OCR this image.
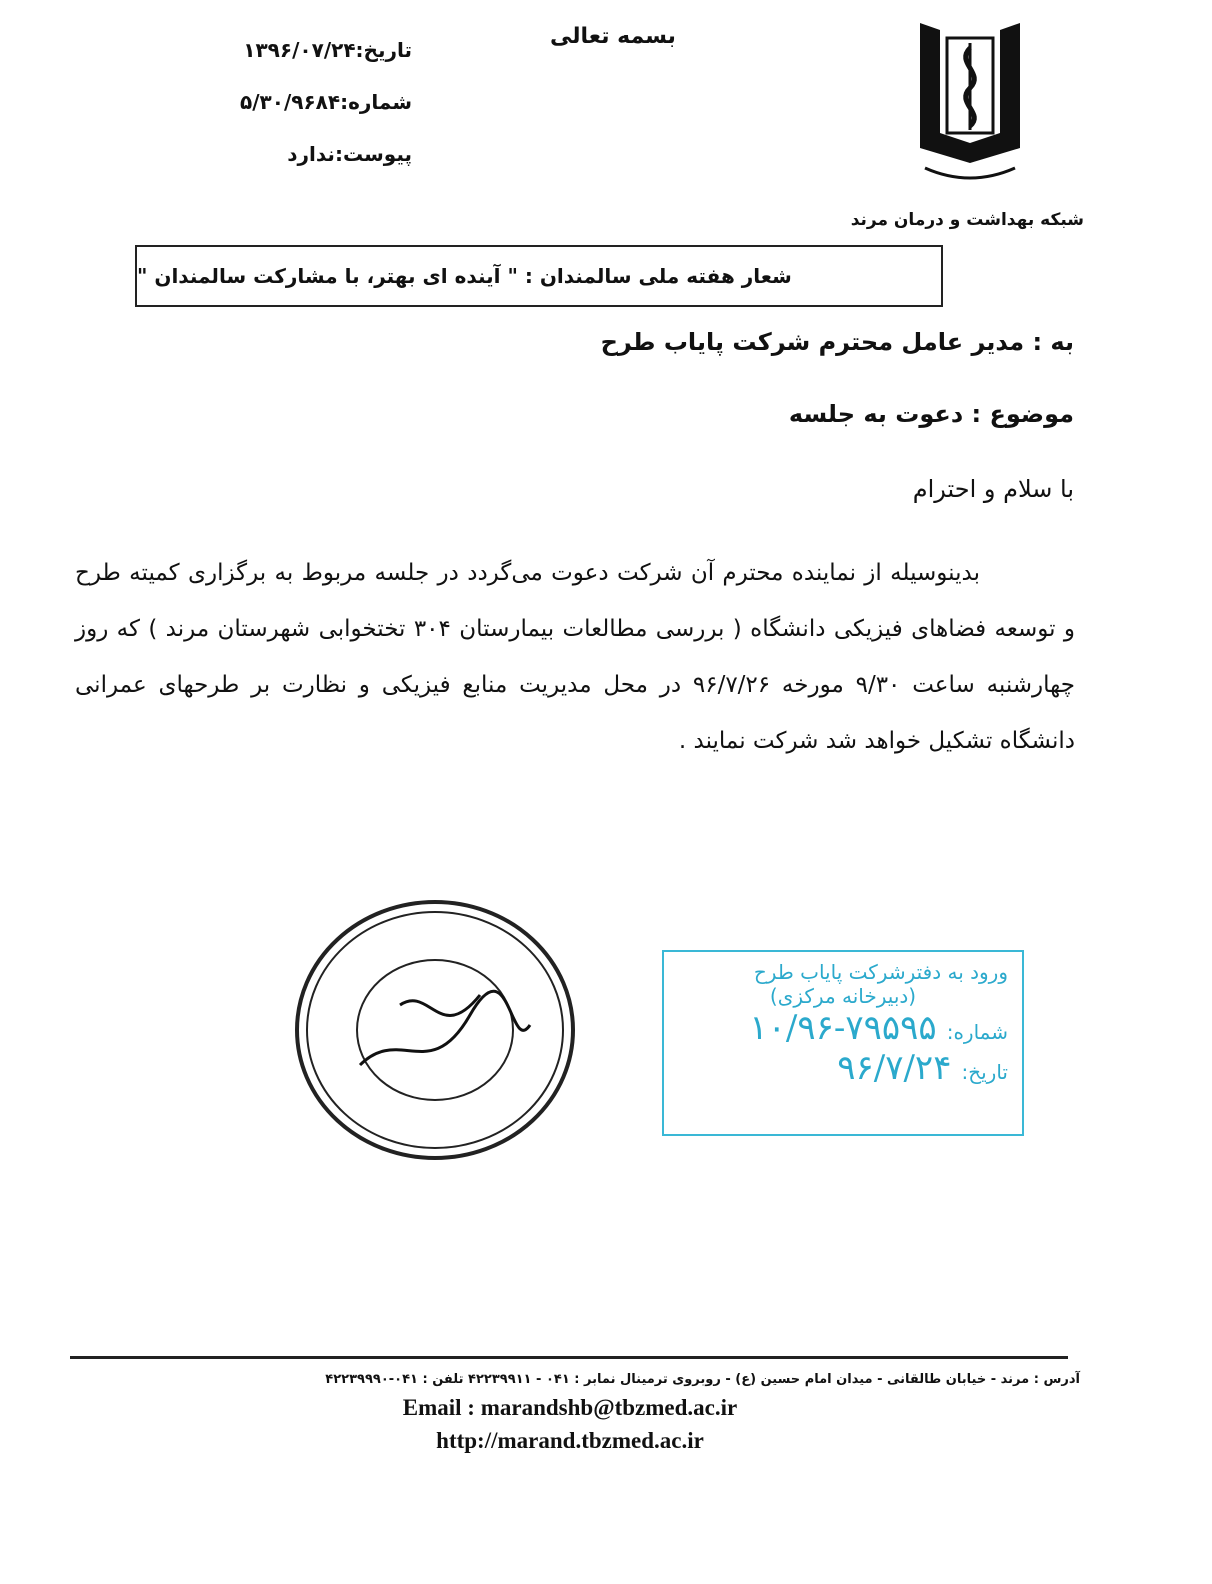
بسمه تعالی
تاریخ:۱۳۹۶/۰۷/۲۴
شماره:۵/۳۰/۹۶۸۴
پیوست:ندارد
شبکه بهداشت و درمان مرند
شعار هفته ملی سالمندان : " آینده ای بهتر، با مشارکت سالمندان "
به : مدیر عامل محترم شرکت پایاب طرح
موضوع : دعوت به جلسه
با سلام و احترام
بدینوسیله از نماینده محترم آن شرکت دعوت می‌گردد در جلسه مربوط به برگزاری کمیته طرح و توسعه فضاهای فیزیکی دانشگاه ( بررسی مطالعات بیمارستان ۳۰۴ تختخوابی شهرستان مرند ) که روز چهارشنبه ساعت ۹/۳۰ مورخه ۹۶/۷/۲۶ در محل مدیریت منابع فیزیکی و نظارت بر طرحهای عمرانی دانشگاه تشکیل خواهد شد شرکت نمایند .
ورود به دفترشرکت پایاب طرح
(دبیرخانه مرکزی)
شماره:
۱۰/۹۶-۷۹۵۹۵
تاریخ:
۹۶/۷/۲۴
آدرس : مرند - خیابان طالقانی - میدان امام حسین (ع) - روبروی ترمینال نمابر : ۰۴۱ - ۴۲۲۳۹۹۱۱ تلفن : ۰۴۱-۴۲۲۳۹۹۹۰
Email : marandshb@tbzmed.ac.ir
http://marand.tbzmed.ac.ir
